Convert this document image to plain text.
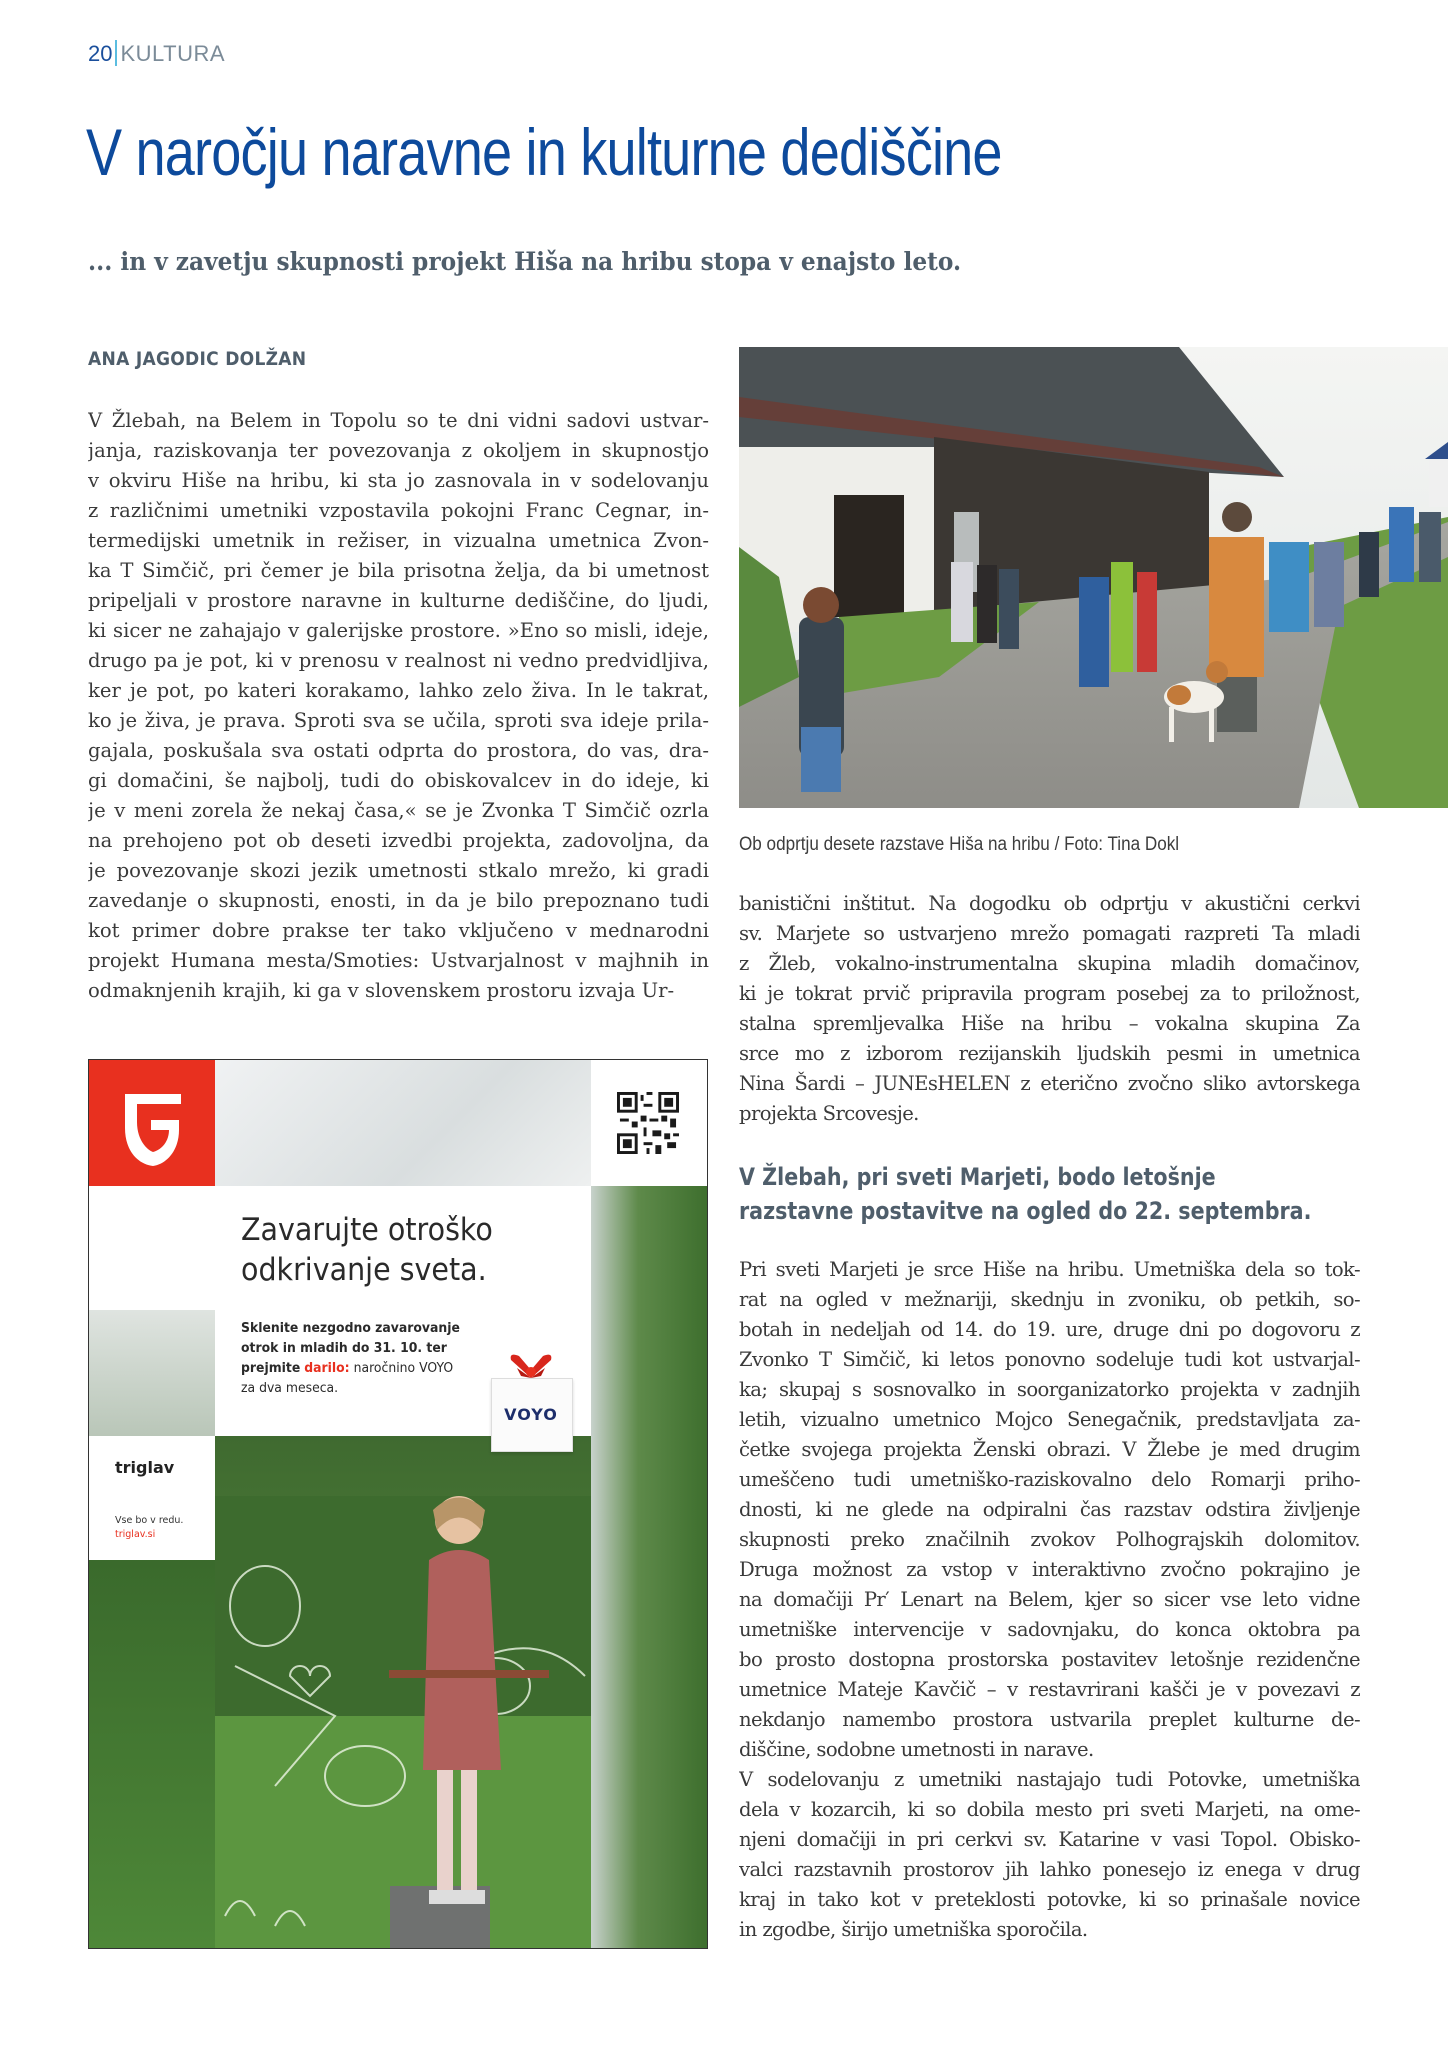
20 KULTURA
V naročju naravne in kulturne dediščine
... in v zavetju skupnosti projekt Hiša na hribu stopa v enajsto leto.
ANA JAGODIC DOLŽAN
V Žlebah, na Belem in Topolu so te dni vidni sadovi ustvar-
janja, raziskovanja ter povezovanja z okoljem in skupnostjo
v okviru Hiše na hribu, ki sta jo zasnovala in v sodelovanju
z različnimi umetniki vzpostavila pokojni Franc Cegnar, in-
termedijski umetnik in režiser, in vizualna umetnica Zvon-
ka T Simčič, pri čemer je bila prisotna želja, da bi umetnost
pripeljali v prostore naravne in kulturne dediščine, do ljudi,
ki sicer ne zahajajo v galerijske prostore. »Eno so misli, ideje,
drugo pa je pot, ki v prenosu v realnost ni vedno predvidljiva,
ker je pot, po kateri korakamo, lahko zelo živa. In le takrat,
ko je živa, je prava. Sproti sva se učila, sproti sva ideje prila-
gajala, poskušala sva ostati odprta do prostora, do vas, dra-
gi domačini, še najbolj, tudi do obiskovalcev in do ideje, ki
je v meni zorela že nekaj časa,« se je Zvonka T Simčič ozrla
na prehojeno pot ob deseti izvedbi projekta, zadovoljna, da
je povezovanje skozi jezik umetnosti stkalo mrežo, ki gradi
zavedanje o skupnosti, enosti, in da je bilo prepoznano tudi
kot primer dobre prakse ter tako vključeno v mednarodni
projekt Humana mesta/Smoties: Ustvarjalnost v majhnih in
odmaknjenih krajih, ki ga v slovenskem prostoru izvaja Ur-
Ob odprtju desete razstave Hiša na hribu / Foto: Tina Dokl
banistični inštitut. Na dogodku ob odprtju v akustični cerkvi
sv. Marjete so ustvarjeno mrežo pomagati razpreti Ta mladi
z Žleb, vokalno-instrumentalna skupina mladih domačinov,
ki je tokrat prvič pripravila program posebej za to priložnost,
stalna spremljevalka Hiše na hribu – vokalna skupina Za
srce mo z izborom rezijanskih ljudskih pesmi in umetnica
Nina Šardi – JUNEsHELEN z eterično zvočno sliko avtorskega
projekta Srcovesje.
V Žlebah, pri sveti Marjeti, bodo letošnje
razstavne postavitve na ogled do 22. septembra.
Pri sveti Marjeti je srce Hiše na hribu. Umetniška dela so tok-
rat na ogled v mežnariji, skednju in zvoniku, ob petkih, so-
botah in nedeljah od 14. do 19. ure, druge dni po dogovoru z
Zvonko T Simčič, ki letos ponovno sodeluje tudi kot ustvarjal-
ka; skupaj s sosnovalko in soorganizatorko projekta v zadnjih
letih, vizualno umetnico Mojco Senegačnik, predstavljata za-
četke svojega projekta Ženski obrazi. V Žlebe je med drugim
umeščeno tudi umetniško-raziskovalno delo Romarji priho-
dnosti, ki ne glede na odpiralni čas razstav odstira življenje
skupnosti preko značilnih zvokov Polhograjskih dolomitov.
Druga možnost za vstop v interaktivno zvočno pokrajino je
na domačiji Pr′ Lenart na Belem, kjer so sicer vse leto vidne
umetniške intervencije v sadovnjaku, do konca oktobra pa
bo prosto dostopna prostorska postavitev letošnje rezidenčne
umetnice Mateje Kavčič – v restavrirani kašči je v povezavi z
nekdanjo namembo prostora ustvarila preplet kulturne de-
diščine, sodobne umetnosti in narave.
V sodelovanju z umetniki nastajajo tudi Potovke, umetniška
dela v kozarcih, ki so dobila mesto pri sveti Marjeti, na ome-
njeni domačiji in pri cerkvi sv. Katarine v vasi Topol. Obisko-
valci razstavnih prostorov jih lahko ponesejo iz enega v drug
kraj in tako kot v preteklosti potovke, ki so prinašale novice
in zgodbe, širijo umetniška sporočila.
Zavarujte otroško
odkrivanje sveta.
Sklenite nezgodno zavarovanje
otrok in mladih do 31. 10. ter
prejmite darilo: naročnino VOYO
za dva meseca.
VOYO
triglav
Vse bo v redu.
triglav.si
